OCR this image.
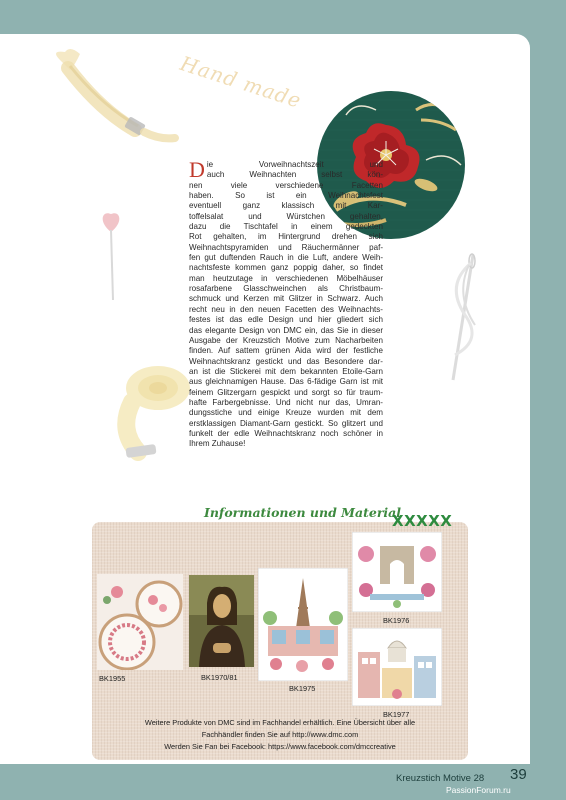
Hand made
D ie Vorweihnachtszeit und
auch Weihnachten selbst kön-
nen viele verschiedene Facetten
haben. So ist ein Weihnachtsfest
eventuell ganz klassisch mit Kar-
toffelsalat und Würstchen gehalten,
dazu die Tischtafel in einem gedeckten
Rot gehalten, im Hintergrund drehen sich
Weihnachtspyramiden und Räuchermänner paf-
fen gut duftenden Rauch in die Luft, andere Weih-
nachtsfeste kommen ganz poppig daher, so findet
man heutzutage in verschiedenen Möbelhäuser
rosafarbene Glasschweinchen als Christbaum-
schmuck und Kerzen mit Glitzer in Schwarz. Auch
recht neu in den neuen Facetten des Weihnachts-
festes ist das edle Design und hier gliedert sich
das elegante Design von DMC ein, das Sie in dieser
Ausgabe der Kreuzstich Motive zum Nacharbeiten
finden. Auf sattem grünen Aida wird der festliche
Weihnachtskranz gestickt und das Besondere dar-
an ist die Stickerei mit dem bekannten Etoile-Garn
aus gleichnamigen Hause. Das 6-fädige Garn ist mit
feinem Glitzergarn gespickt und sorgt so für traum-
hafte Farbergebnisse. Und nicht nur das, Umran-
dungsstiche und einige Kreuze wurden mit dem
erstklassigen Diamant-Garn gestickt. So glitzert und
funkelt der edle Weihnachtskranz noch schöner in
Ihrem Zuhause!
Informationen und Material
XXXXX
BK1955	BK1970/81
BK1975
BK1976
BK1977
Weitere Produkte von DMC sind im Fachhandel erhältlich. Eine Übersicht über alle
Fachhändler finden Sie auf http://www.dmc.com
Werden Sie Fan bei Facebook: https://www.facebook.com/dmccreative
Kreuzstich Motive 28 39
PassionForum.ru
